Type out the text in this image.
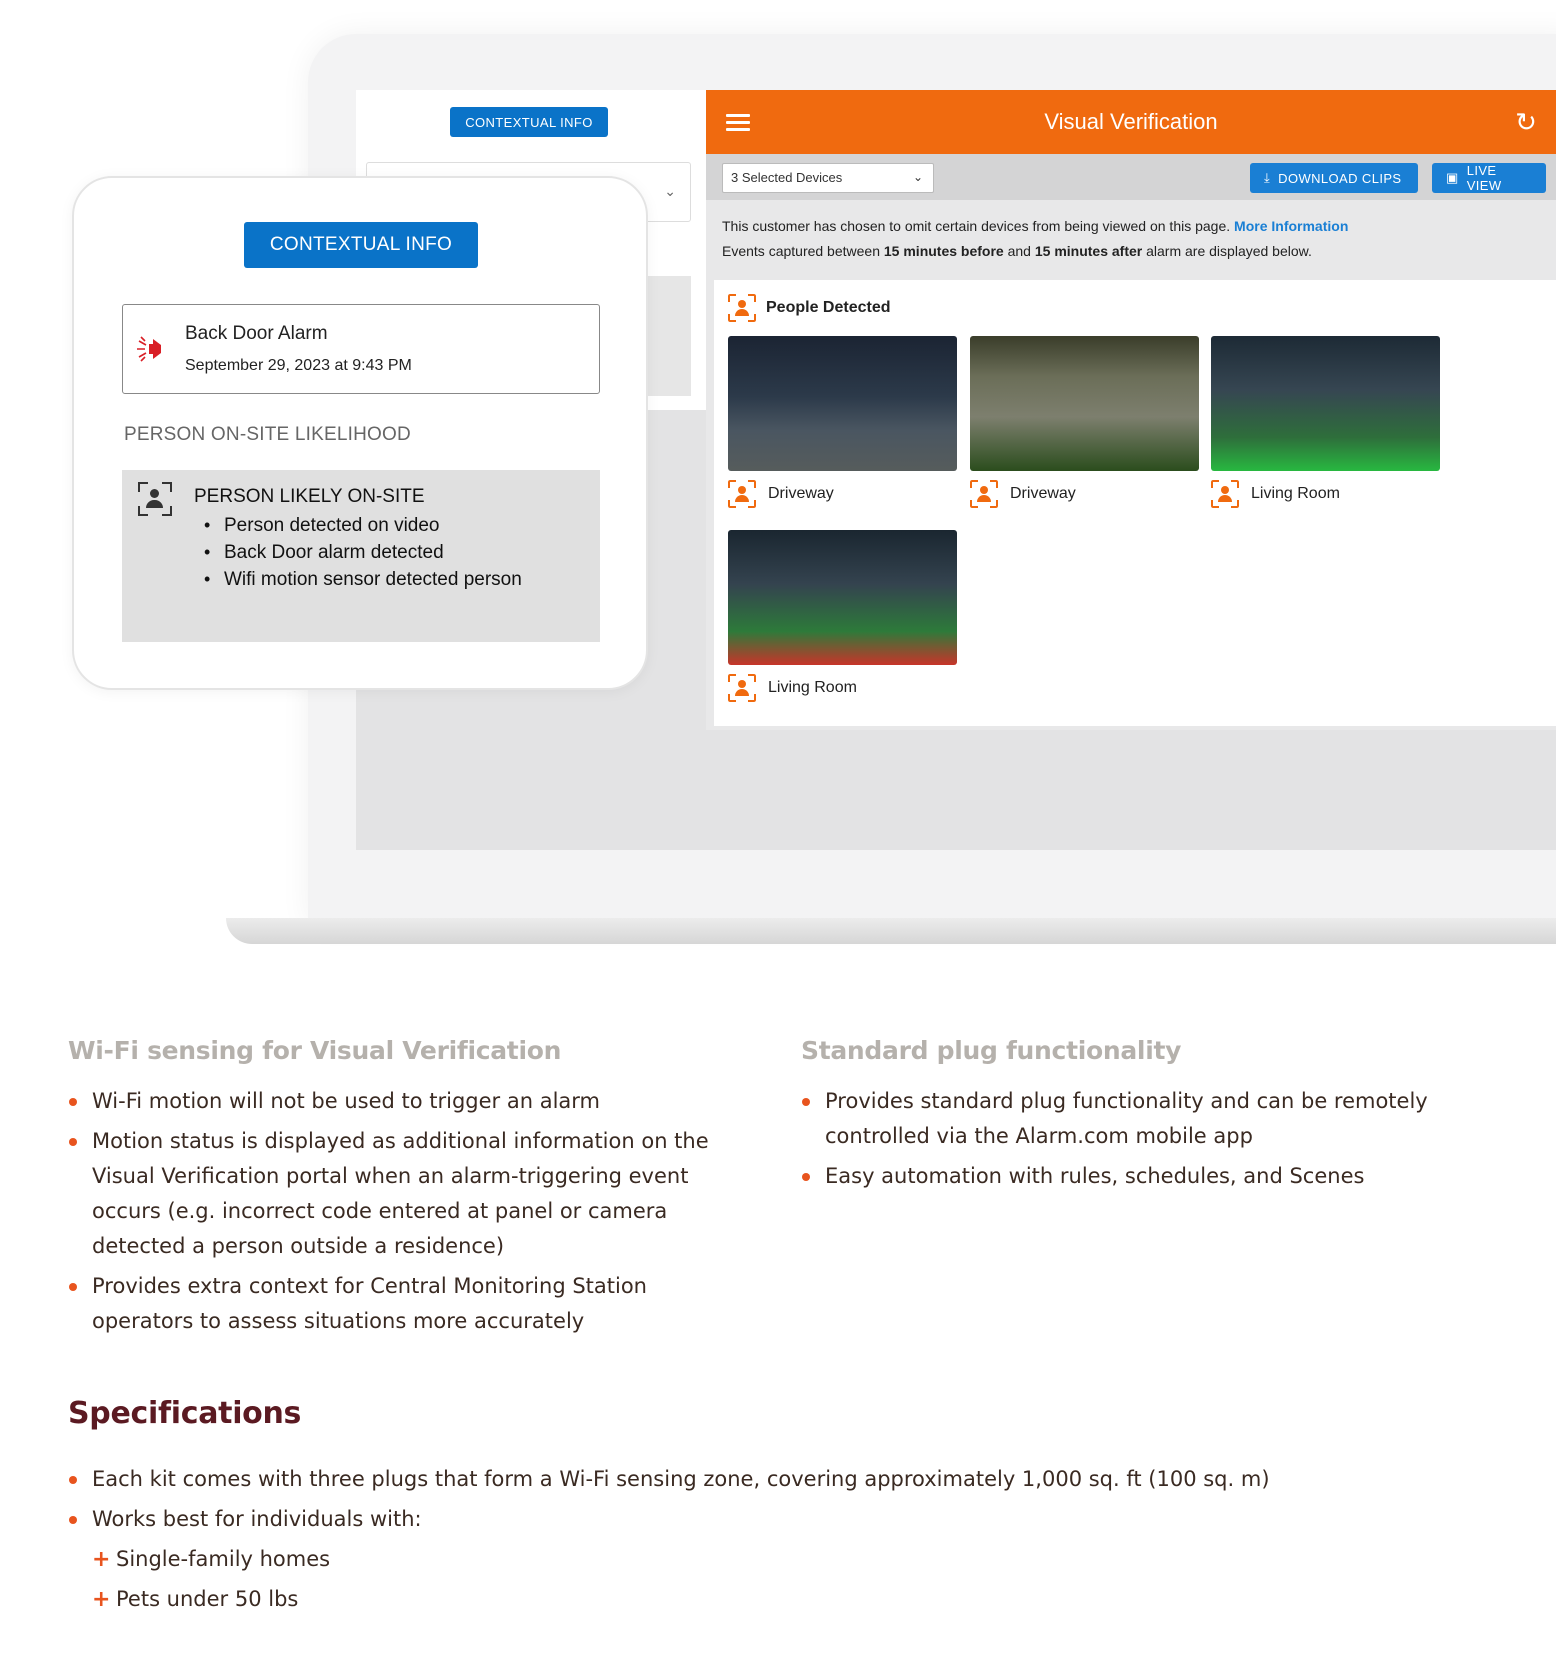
CONTEXTUAL INFO
⌄
Visual Verification	↻
3 Selected Devices	⌄	⤓ DOWNLOAD CLIPS	▣ LIVE VIEW
This customer has chosen to omit certain devices from being viewed on this page. More Information
Events captured between 15 minutes before and 15 minutes after alarm are displayed below.
People Detected
Driveway	Driveway	Living Room
Living Room
CONTEXTUAL INFO
Back Door Alarm
September 29, 2023 at 9:43 PM
PERSON ON-SITE LIKELIHOOD
PERSON LIKELY ON-SITE
• Person detected on video
• Back Door alarm detected
• Wifi motion sensor detected person
Wi-Fi sensing for Visual Verification
Wi-Fi motion will not be used to trigger an alarm
Motion status is displayed as additional information on the Visual Verification portal when an alarm-triggering event occurs (e.g. incorrect code entered at panel or camera detected a person outside a residence)
Provides extra context for Central Monitoring Station operators to assess situations more accurately
Standard plug functionality
Provides standard plug functionality and can be remotely controlled via the Alarm.com mobile app
Easy automation with rules, schedules, and Scenes
Specifications
Each kit comes with three plugs that form a Wi-Fi sensing zone, covering approximately 1,000 sq. ft (100 sq. m)
Works best for individuals with:
+ Single-family homes
+ Pets under 50 lbs
